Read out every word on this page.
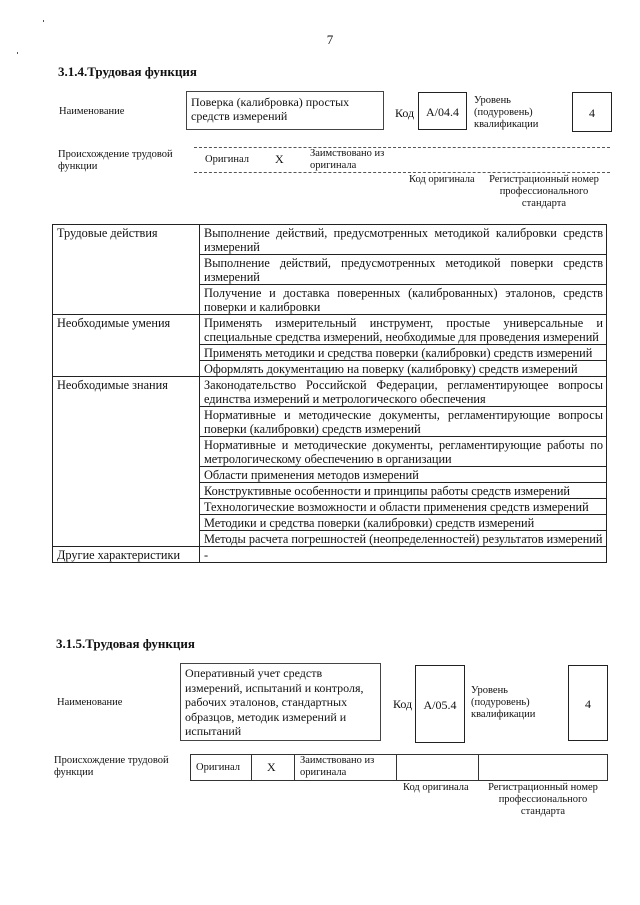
7
3.1.4.Трудовая функция
Наименование
Поверка (калибровка) простых средств измерений	Код А/04.4
Уровень (подуровень) квалификации
4
Происхождение трудовой функции
Оригинал X	Заимствовано из оригинала
Код оригинала	Регистрационный номер профессионального стандарта
Трудовые действия	Выполнение действий, предусмотренных методикой калибровки средств измерений
	Выполнение действий, предусмотренных методикой поверки средств измерений
	Получение и доставка поверенных (калиброванных) эталонов, средств поверки и калибровки
Необходимые умения	Применять измерительный инструмент, простые универсальные и специальные средства измерений, необходимые для проведения измерений
	Применять методики и средства поверки (калибровки) средств измерений
	Оформлять документацию на поверку (калибровку) средств измерений
Необходимые знания	Законодательство Российской Федерации, регламентирующее вопросы единства измерений и метрологического обеспечения
	Нормативные и методические документы, регламентирующие вопросы поверки (калибровки) средств измерений
	Нормативные и методические документы, регламентирующие работы по метрологическому обеспечению в организации
	Области применения методов измерений
	Конструктивные особенности и принципы работы средств измерений
	Технологические возможности и области применения средств измерений
	Методики и средства поверки (калибровки) средств измерений
	Методы расчета погрешностей (неопределенностей) результатов измерений
Другие характеристики	-
3.1.5.Трудовая функция
Наименование
Оперативный учет средств измерений, испытаний и контроля, рабочих эталонов, стандартных образцов, методик измерений и испытаний
Код А/05.4
Уровень (подуровень) квалификации
4
Происхождение трудовой функции	Оригинал X Заимствовано из оригинала
Код оригинала	Регистрационный номер профессионального стандарта
